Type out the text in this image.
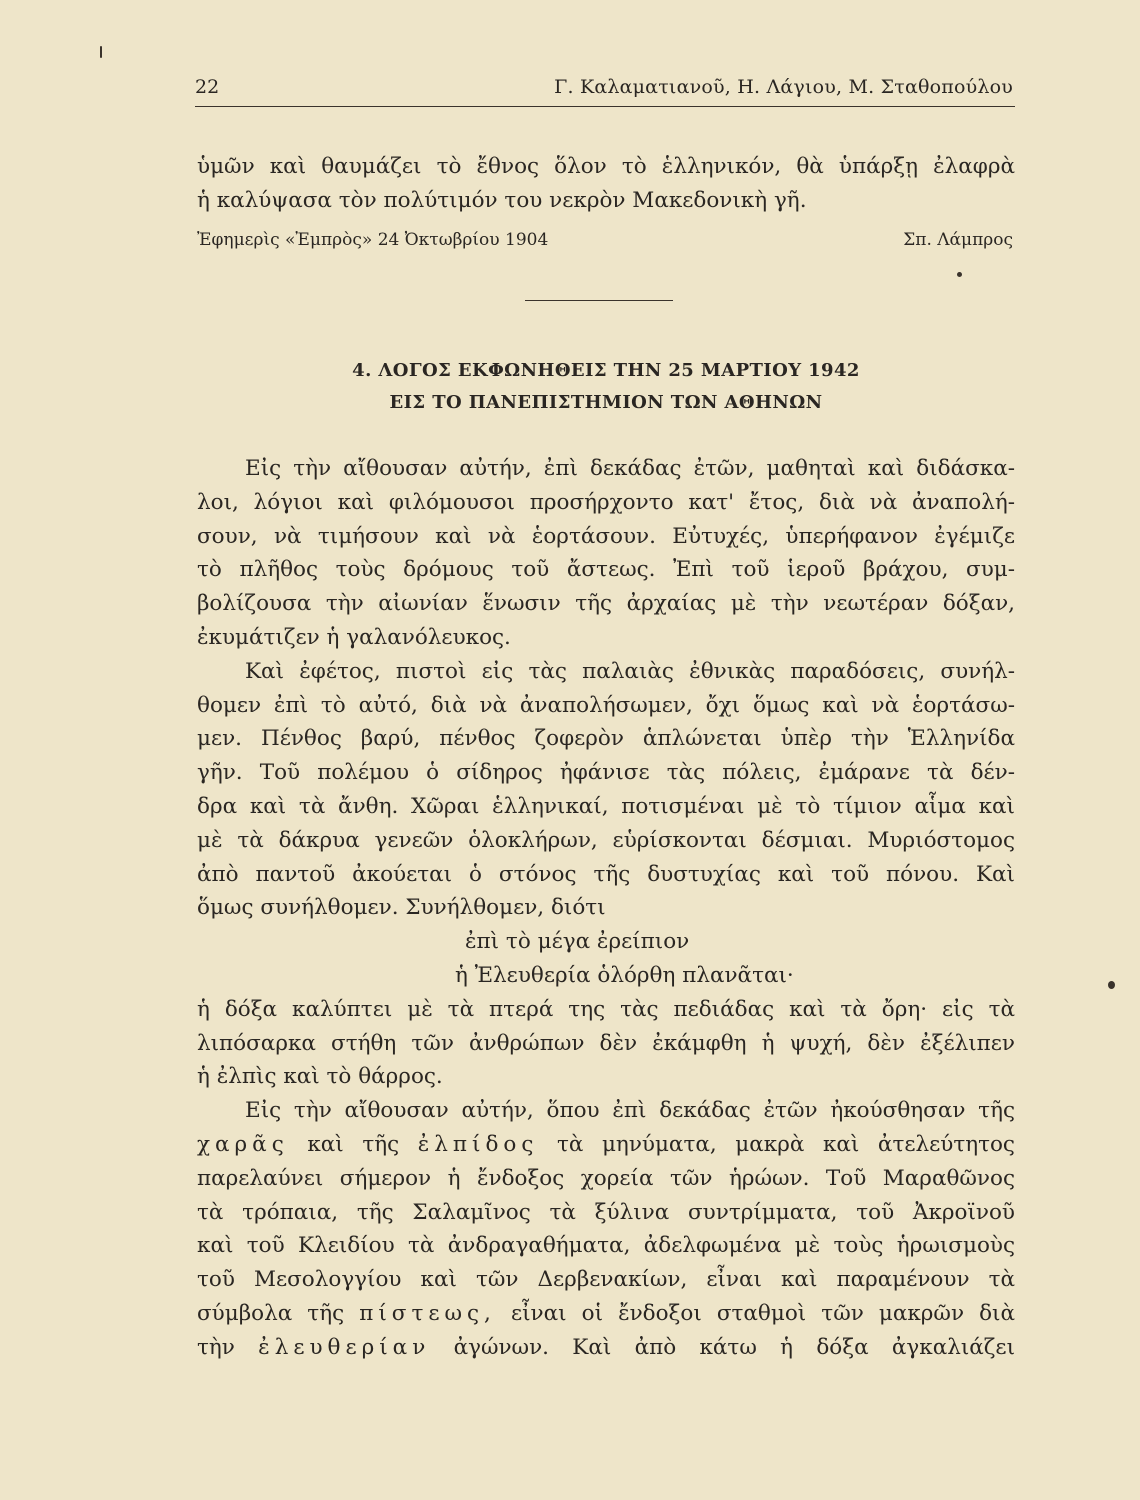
22	Γ. Καλαματιανοῦ, Η. Λάγιου, Μ. Σταθοπούλου
ὑμῶν καὶ θαυμάζει τὸ ἔθνος ὅλον τὸ ἑλληνικόν, θὰ ὑπάρξῃ ἐλαφρὰ
ἡ καλύψασα τὸν πολύτιμόν του νεκρὸν Μακεδονικὴ γῆ.
Ἐφημερὶς «Ἐμπρὸς» 24 Ὀκτωβρίου 1904	Σπ. Λάμπρος
4. ΛΟΓΟΣ ΕΚΦΩΝΗΘΕΙΣ ΤΗΝ 25 ΜΑΡΤΙΟΥ 1942
ΕΙΣ ΤΟ ΠΑΝΕΠΙΣΤΗΜΙΟΝ ΤΩΝ ΑΘΗΝΩΝ
Εἰς τὴν αἴθουσαν αὐτήν, ἐπὶ δεκάδας ἐτῶν, μαθηταὶ καὶ διδάσκα-
λοι, λόγιοι καὶ φιλόμουσοι προσήρχοντο κατ' ἔτος, διὰ νὰ ἀναπολή-
σουν, νὰ τιμήσουν καὶ νὰ ἑορτάσουν. Εὐτυχές, ὑπερήφανον ἐγέμιζε
τὸ πλῆθος τοὺς δρόμους τοῦ ἄστεως. Ἐπὶ τοῦ ἱεροῦ βράχου, συμ-
βολίζουσα τὴν αἰωνίαν ἕνωσιν τῆς ἀρχαίας μὲ τὴν νεωτέραν δόξαν,
ἐκυμάτιζεν ἡ γαλανόλευκος.
Καὶ ἐφέτος, πιστοὶ εἰς τὰς παλαιὰς ἐθνικὰς παραδόσεις, συνήλ-
θομεν ἐπὶ τὸ αὐτό, διὰ νὰ ἀναπολήσωμεν, ὄχι ὅμως καὶ νὰ ἑορτάσω-
μεν. Πένθος βαρύ, πένθος ζοφερὸν ἁπλώνεται ὑπὲρ τὴν Ἑλληνίδα
γῆν. Τοῦ πολέμου ὁ σίδηρος ἠφάνισε τὰς πόλεις, ἐμάρανε τὰ δέν-
δρα καὶ τὰ ἄνθη. Χῶραι ἑλληνικαί, ποτισμέναι μὲ τὸ τίμιον αἷμα καὶ
μὲ τὰ δάκρυα γενεῶν ὁλοκλήρων, εὑρίσκονται δέσμιαι. Μυριόστομος
ἀπὸ παντοῦ ἀκούεται ὁ στόνος τῆς δυστυχίας καὶ τοῦ πόνου. Καὶ
ὅμως συνήλθομεν. Συνήλθομεν, διότι
ἐπὶ τὸ μέγα ἐρείπιον
ἡ Ἐλευθερία ὁλόρθη πλανᾶται·
ἡ δόξα καλύπτει μὲ τὰ πτερά της τὰς πεδιάδας καὶ τὰ ὄρη· εἰς τὰ
λιπόσαρκα στήθη τῶν ἀνθρώπων δὲν ἐκάμφθη ἡ ψυχή, δὲν ἐξέλιπεν
ἡ ἐλπὶς καὶ τὸ θάρρος.
Εἰς τὴν αἴθουσαν αὐτήν, ὅπου ἐπὶ δεκάδας ἐτῶν ἠκούσθησαν τῆς
χαρᾶς καὶ τῆς ἐλπίδος τὰ μηνύματα, μακρὰ καὶ ἀτελεύτητος
παρελαύνει σήμερον ἡ ἔνδοξος χορεία τῶν ἡρώων. Τοῦ Μαραθῶνος
τὰ τρόπαια, τῆς Σαλαμῖνος τὰ ξύλινα συντρίμματα, τοῦ Ἀκροϊνοῦ
καὶ τοῦ Κλειδίου τὰ ἀνδραγαθήματα, ἀδελφωμένα μὲ τοὺς ἡρωισμοὺς
τοῦ Μεσολογγίου καὶ τῶν Δερβενακίων, εἶναι καὶ παραμένουν τὰ
σύμβολα τῆς πίστεως, εἶναι οἱ ἔνδοξοι σταθμοὶ τῶν μακρῶν διὰ
τὴν ἐλευθερίαν ἀγώνων. Καὶ ἀπὸ κάτω ἡ δόξα ἀγκαλιάζει
